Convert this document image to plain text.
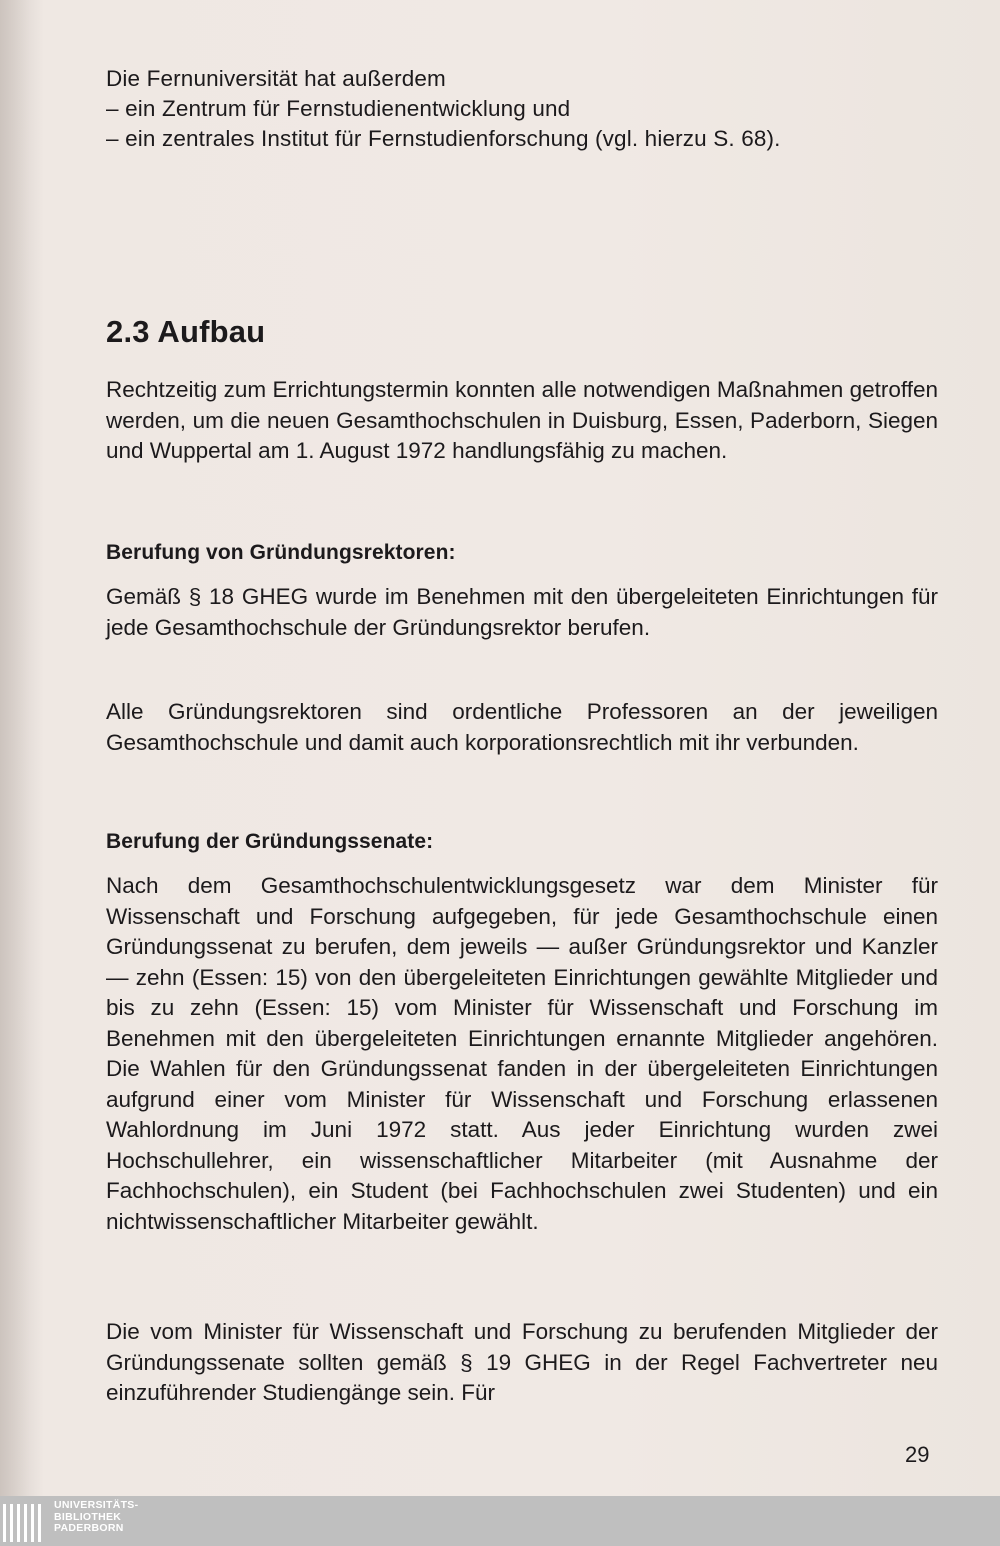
Die Fernuniversität hat außerdem
– ein Zentrum für Fernstudienentwicklung und
– ein zentrales Institut für Fernstudienforschung (vgl. hierzu S. 68).
2.3 Aufbau

Rechtzeitig zum Errichtungstermin konnten alle notwendigen Maßnahmen getroffen werden, um die neuen Gesamthochschulen in Duisburg, Essen, Paderborn, Siegen und Wuppertal am 1. August 1972 handlungsfähig zu machen.

Berufung von Gründungsrektoren:

Gemäß § 18 GHEG wurde im Benehmen mit den übergeleiteten Einrichtungen für jede Gesamthochschule der Gründungsrektor berufen.

Alle Gründungsrektoren sind ordentliche Professoren an der jeweiligen Gesamthochschule und damit auch korporationsrechtlich mit ihr verbunden.

Berufung der Gründungssenate:

Nach dem Gesamthochschulentwicklungsgesetz war dem Minister für Wissenschaft und Forschung aufgegeben, für jede Gesamthochschule einen Gründungssenat zu berufen, dem jeweils — außer Gründungsrektor und Kanzler — zehn (Essen: 15) von den übergeleiteten Einrichtungen gewählte Mitglieder und bis zu zehn (Essen: 15) vom Minister für Wissenschaft und Forschung im Benehmen mit den übergeleiteten Einrichtungen ernannte Mitglieder angehören. Die Wahlen für den Gründungssenat fanden in der übergeleiteten Einrichtungen aufgrund einer vom Minister für Wissenschaft und Forschung erlassenen Wahlordnung im Juni 1972 statt. Aus jeder Einrichtung wurden zwei Hochschullehrer, ein wissenschaftlicher Mitarbeiter (mit Ausnahme der Fachhochschulen), ein Student (bei Fachhochschulen zwei Studenten) und ein nichtwissenschaftlicher Mitarbeiter gewählt.

Die vom Minister für Wissenschaft und Forschung zu berufenden Mitglieder der Gründungssenate sollten gemäß § 19 GHEG in der Regel Fachvertreter neu einzuführender Studiengänge sein. Für

29
UNIVERSITÄTS-
BIBLIOTHEK
PADERBORN
